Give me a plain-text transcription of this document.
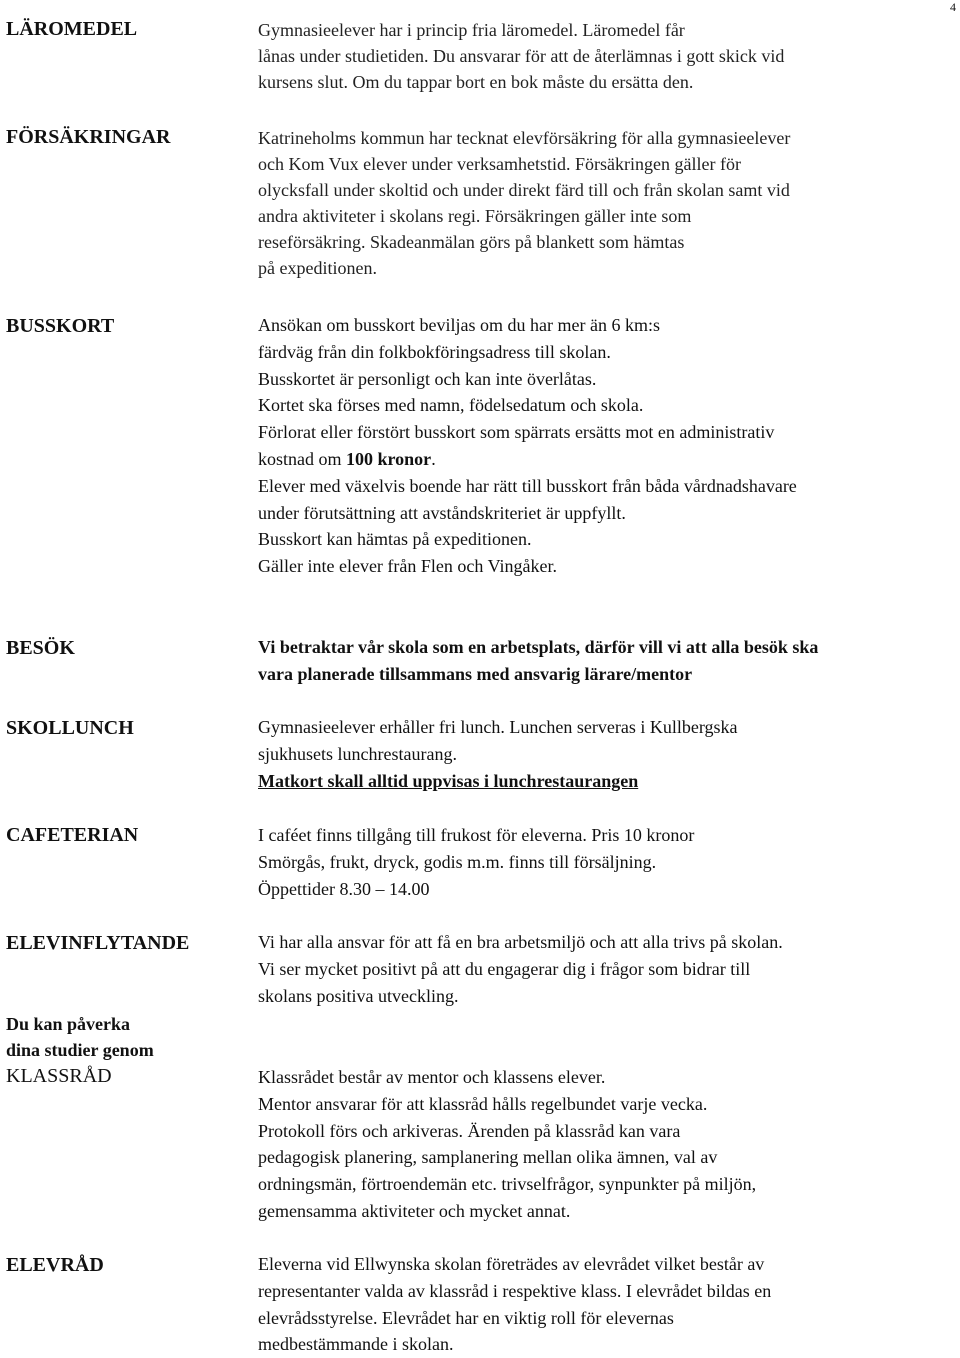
4
LÄROMEDEL	Gymnasieelever har i princip fria läromedel. Läromedel får
lånas under studietiden. Du ansvarar för att de återlämnas i gott skick vid
kursens slut. Om du tappar bort en bok måste du ersätta den.
FÖRSÄKRINGAR	Katrineholms kommun har tecknat elevförsäkring för alla gymnasieelever
och Kom Vux elever under verksamhetstid. Försäkringen gäller för
olycksfall under skoltid och under direkt färd till och från skolan samt vid
andra aktiviteter i skolans regi. Försäkringen gäller inte som
reseförsäkring. Skadeanmälan görs på blankett som hämtas
på expeditionen.
BUSSKORT	Ansökan om busskort beviljas om du har mer än 6 km:s
färdväg från din folkbokföringsadress till skolan.
Busskortet är personligt och kan inte överlåtas.
Kortet ska förses med namn, födelsedatum och skola.
Förlorat eller förstört busskort som spärrats ersätts mot en administrativ
kostnad om 100 kronor.
Elever med växelvis boende har rätt till busskort från båda vårdnadshavare
under förutsättning att avståndskriteriet är uppfyllt.
Busskort kan hämtas på expeditionen.
Gäller inte elever från Flen och Vingåker.
BESÖK	Vi betraktar vår skola som en arbetsplats, därför vill vi att alla besök ska
vara planerade tillsammans med ansvarig lärare/mentor
SKOLLUNCH	Gymnasieelever erhåller fri lunch. Lunchen serveras i Kullbergska
sjukhusets lunchrestaurang.
Matkort skall alltid uppvisas i lunchrestaurangen
CAFETERIAN	I caféet finns tillgång till frukost för eleverna. Pris 10 kronor
Smörgås, frukt, dryck, godis m.m. finns till försäljning.
Öppettider 8.30 – 14.00
ELEVINFLYTANDE	Vi har alla ansvar för att få en bra arbetsmiljö och att alla trivs på skolan.
Vi ser mycket positivt på att du engagerar dig i frågor som bidrar till
skolans positiva utveckling.
Du kan påverka
dina studier genom
KLASSRÅD	Klassrådet består av mentor och klassens elever.
Mentor ansvarar för att klassråd hålls regelbundet varje vecka.
Protokoll förs och arkiveras. Ärenden på klassråd kan vara
pedagogisk planering, samplanering mellan olika ämnen, val av
ordningsmän, förtroendemän etc. trivselfrågor, synpunkter på miljön,
gemensamma aktiviteter och mycket annat.
ELEVRÅD	Eleverna vid Ellwynska skolan företrädes av elevrådet vilket består av
representanter valda av klassråd i respektive klass. I elevrådet bildas en
elevrådsstyrelse. Elevrådet har en viktig roll för elevernas
medbestämmande i skolan.
